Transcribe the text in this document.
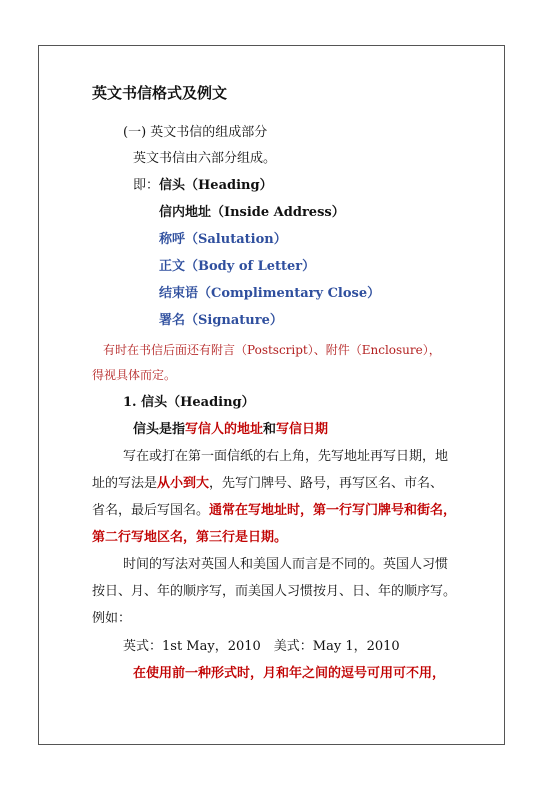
英文书信格式及例文
(一) 英文书信的组成部分
英文书信由六部分组成。
即：信头（Heading）
信内地址（Inside Address）
称呼（Salutation）
正文（Body of Letter）
结束语（Complimentary Close）
署名（Signature）
有时在书信后面还有附言（Postscript）、附件（Enclosure），
得视具体而定。
1. 信头（Heading）
信头是指写信人的地址和写信日期
写在或打在第一面信纸的右上角，先写地址再写日期，地
址的写法是从小到大，先写门牌号、路号，再写区名、市名、
省名，最后写国名。通常在写地址时，第一行写门牌号和街名，
第二行写地区名，第三行是日期。
时间的写法对英国人和美国人而言是不同的。英国人习惯
按日、月、年的顺序写，而美国人习惯按月、日、年的顺序写。
例如：
英式：1st May，2010　美式：May 1，2010
在使用前一种形式时，月和年之间的逗号可用可不用，
